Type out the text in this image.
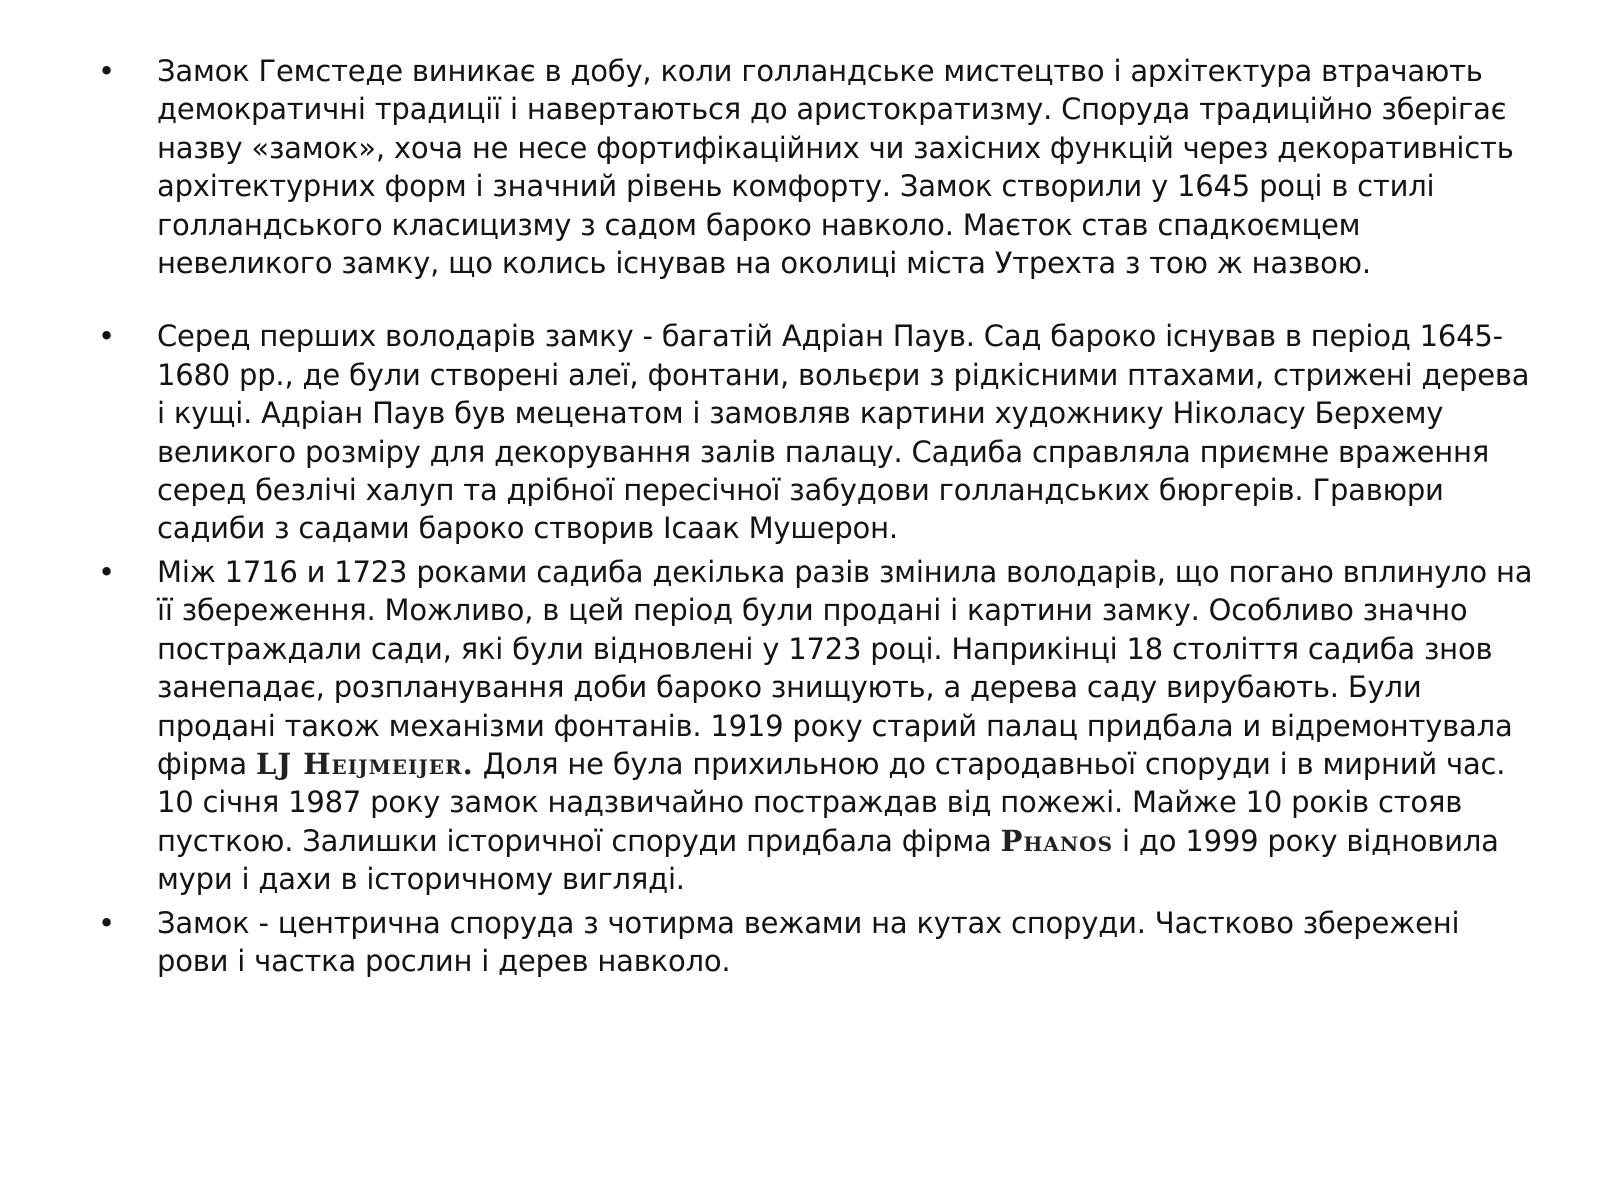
• Замок Гемстеде виникає в добу, коли голландське мистецтво і архітектура втрачають демократичні традиції і навертаються до аристократизму. Споруда традиційно зберігає назву «замок», хоча не несе фортифікаційних чи захісних функцій через декоративність архітектурних форм і значний рівень комфорту. Замок створили у 1645 році в стилі голландського класицизму з садом бароко навколо. Маєток став спадкоємцем невеликого замку, що колись існував на околиці міста Утрехта з тою ж назвою.
• Серед перших володарів замку - багатій Адріан Паув. Сад бароко існував в період 1645-1680 рр., де були створені алеї, фонтани, вольєри з рідкісними птахами, стрижені дерева і кущі. Адріан Паув був меценатом і замовляв картини художнику Ніколасу Берхему великого розміру для декорування залів палацу. Садиба справляла приємне враження серед безлічі халуп та дрібної пересічної забудови голландських бюргерів. Гравюри садиби з садами бароко створив Ісаак Мушерон.
• Між 1716 и 1723 роками садиба декілька разів змінила володарів, що погано вплинуло на її збереження. Можливо, в цей період були продані і картини замку. Особливо значно постраждали сади, які були відновлені у 1723 році. Наприкінці 18 століття садиба знов занепадає, розпланування доби бароко знищують, а дерева саду вирубають. Були продані також механізми фонтанів. 1919 року старий палац придбала и відремонтувала фірма LJ Heijmeijer. Доля не була прихильною до стародавньої споруди і в мирний час. 10 січня 1987 року замок надзвичайно постраждав від пожежі. Майже 10 років стояв пусткою. Залишки історичної споруди придбала фірма Phanos і до 1999 року відновила мури і дахи в історичному вигляді.
• Замок - центрична споруда з чотирма вежами на кутах споруди. Частково збережені рови і частка рослин і дерев навколо.
